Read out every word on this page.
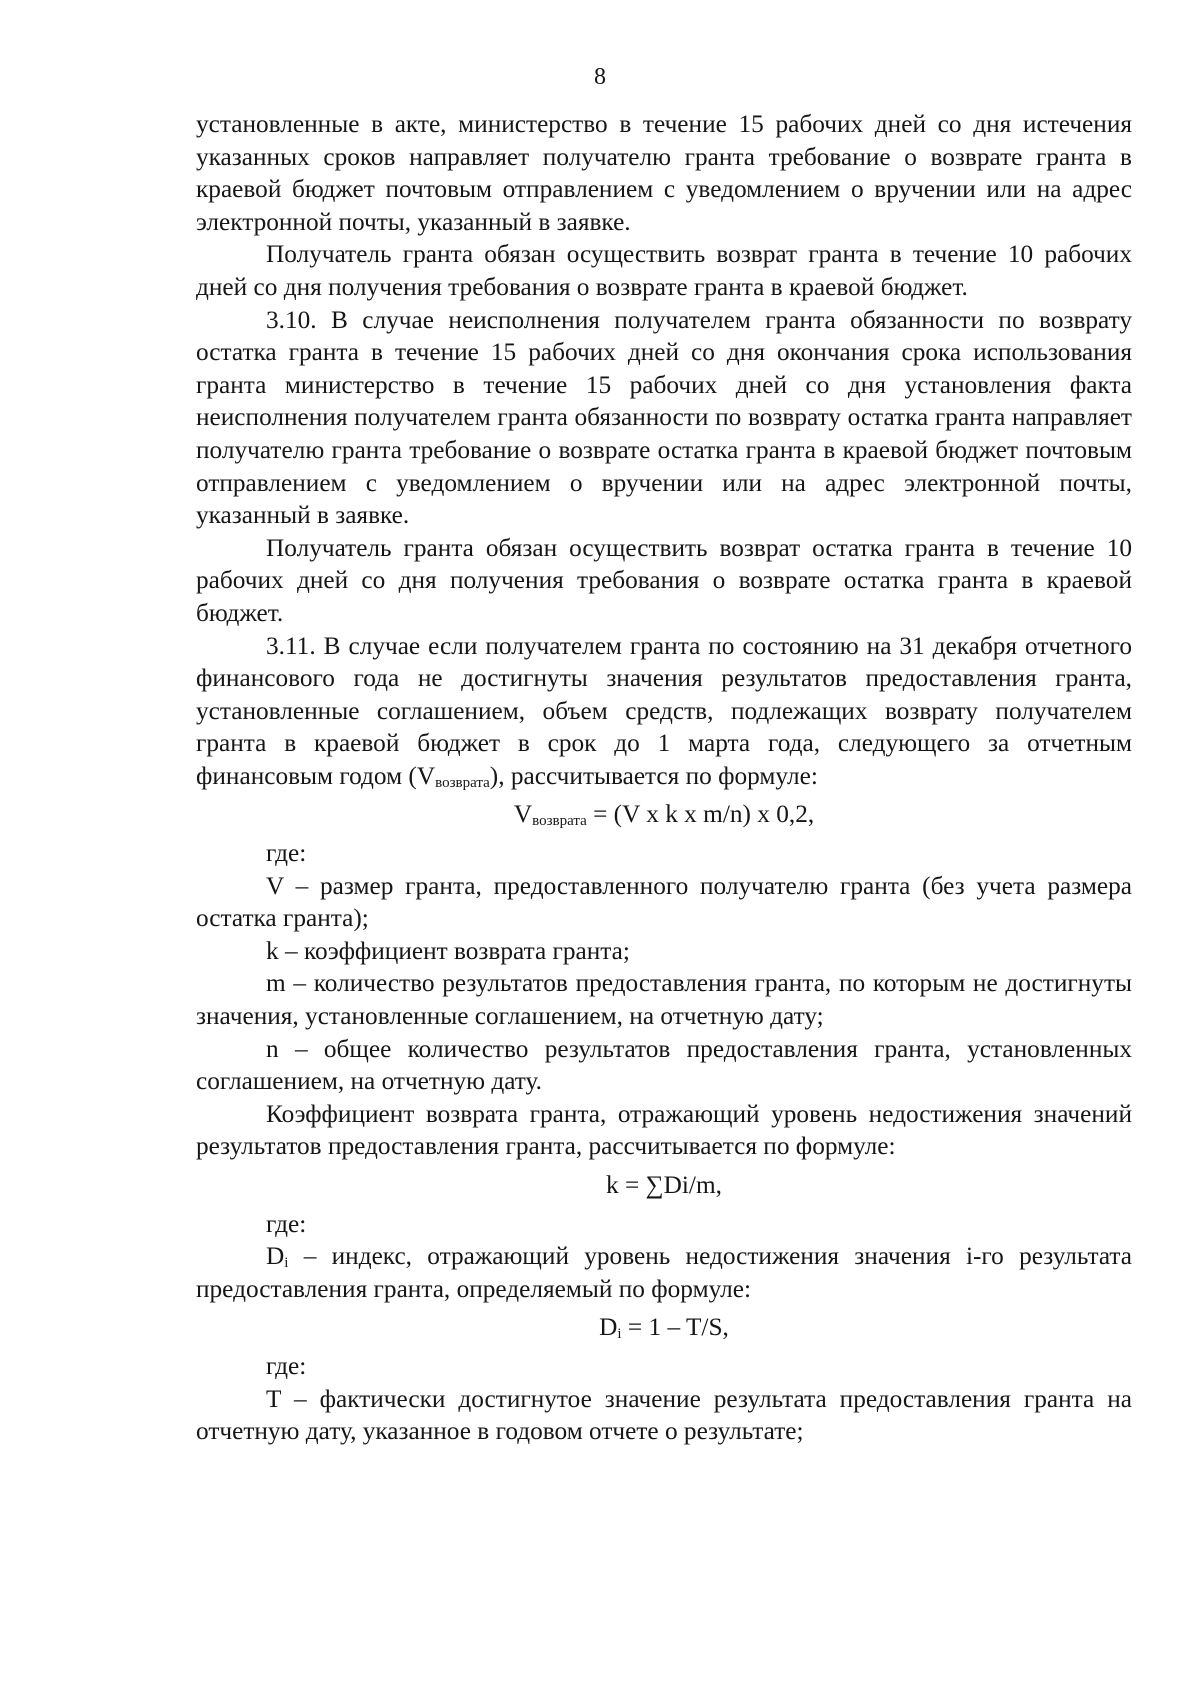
8

установленные в акте, министерство в течение 15 рабочих дней со дня истечения указанных сроков направляет получателю гранта требование о возврате гранта в краевой бюджет почтовым отправлением с уведомлением о вручении или на адрес электронной почты, указанный в заявке.

Получатель гранта обязан осуществить возврат гранта в течение 10 рабочих дней со дня получения требования о возврате гранта в краевой бюджет.

3.10. В случае неисполнения получателем гранта обязанности по возврату остатка гранта в течение 15 рабочих дней со дня окончания срока использования гранта министерство в течение 15 рабочих дней со дня установления факта неисполнения получателем гранта обязанности по возврату остатка гранта направляет получателю гранта требование о возврате остатка гранта в краевой бюджет почтовым отправлением с уведомлением о вручении или на адрес электронной почты, указанный в заявке.

Получатель гранта обязан осуществить возврат остатка гранта в течение 10 рабочих дней со дня получения требования о возврате остатка гранта в краевой бюджет.

3.11. В случае если получателем гранта по состоянию на 31 декабря отчетного финансового года не достигнуты значения результатов предоставления гранта, установленные соглашением, объем средств, подлежащих возврату получателем гранта в краевой бюджет в срок до 1 марта года, следующего за отчетным финансовым годом $(V_{возврата})$, рассчитывается по формуле:

$V_{возврата} = (V$ x k x m/n) x 0,2,

где:

V – размер гранта, предоставленного получателю гранта (без учета размера остатка гранта);

k – коэффициент возврата гранта;

m – количество результатов предоставления гранта, по которым не достигнуты значения, установленные соглашением, на отчетную дату;

n – общее количество результатов предоставления гранта, установленных соглашением, на отчетную дату.

Коэффициент возврата гранта, отражающий уровень недостижения значений результатов предоставления гранта, рассчитывается по формуле:

k = ∑Di/m,

где:

$D_i$ – индекс, отражающий уровень недостижения значения i-го результата предоставления гранта, определяемый по формуле:

$D_i = 1 - T/S$,

где:

T – фактически достигнутое значение результата предоставления гранта на отчетную дату, указанное в годовом отчете о результате;
